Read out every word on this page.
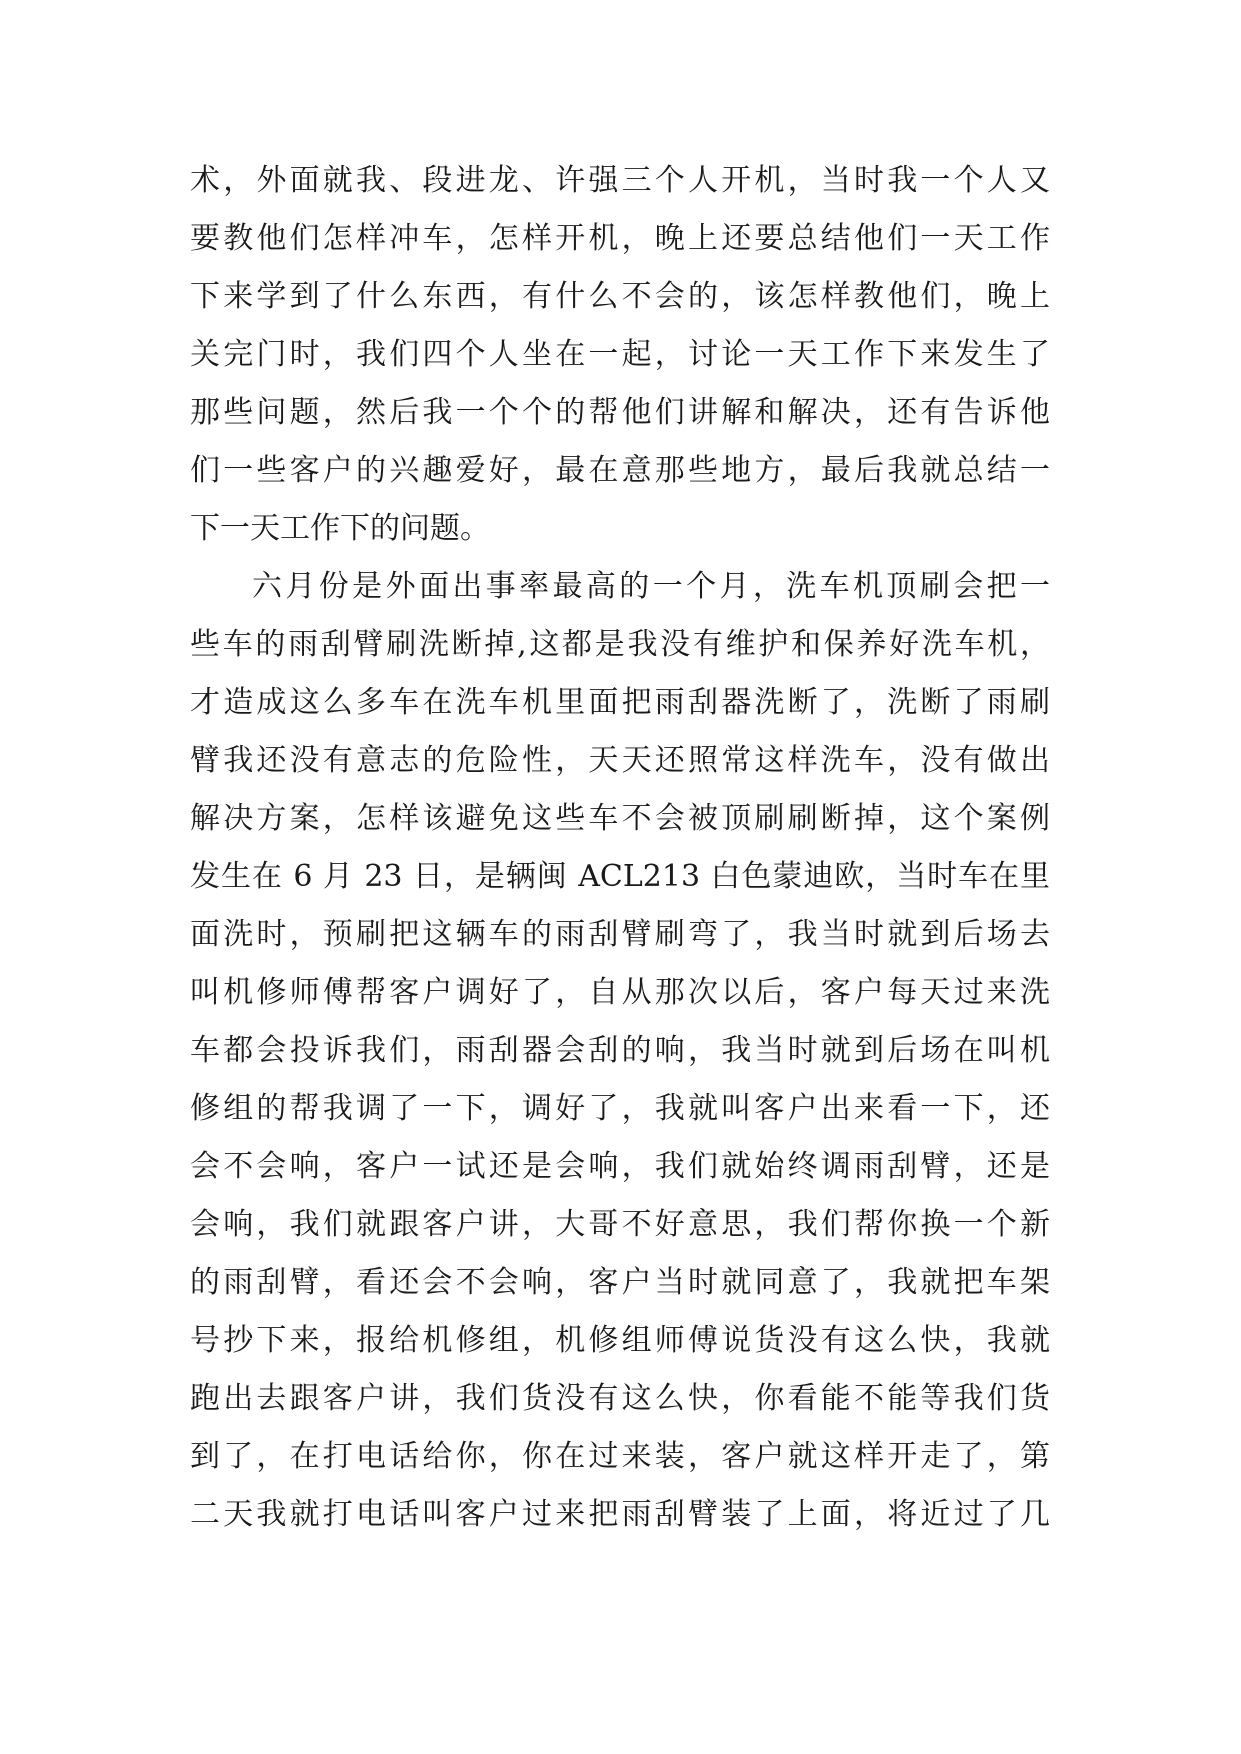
术，外面就我、段进龙、许强三个人开机，当时我一个人又
要教他们怎样冲车，怎样开机，晚上还要总结他们一天工作
下来学到了什么东西，有什么不会的，该怎样教他们，晚上
关完门时，我们四个人坐在一起，讨论一天工作下来发生了
那些问题，然后我一个个的帮他们讲解和解决，还有告诉他
们一些客户的兴趣爱好，最在意那些地方，最后我就总结一
下一天工作下的问题。
六月份是外面出事率最高的一个月，洗车机顶刷会把一
些车的雨刮臂刷洗断掉,这都是我没有维护和保养好洗车机，
才造成这么多车在洗车机里面把雨刮器洗断了，洗断了雨刷
臂我还没有意志的危险性，天天还照常这样洗车，没有做出
解决方案，怎样该避免这些车不会被顶刷刷断掉，这个案例
发生在 6 月 23 日，是辆闽 ACL213 白色蒙迪欧，当时车在里
面洗时，预刷把这辆车的雨刮臂刷弯了，我当时就到后场去
叫机修师傅帮客户调好了，自从那次以后，客户每天过来洗
车都会投诉我们，雨刮器会刮的响，我当时就到后场在叫机
修组的帮我调了一下，调好了，我就叫客户出来看一下，还
会不会响，客户一试还是会响，我们就始终调雨刮臂，还是
会响，我们就跟客户讲，大哥不好意思，我们帮你换一个新
的雨刮臂，看还会不会响，客户当时就同意了，我就把车架
号抄下来，报给机修组，机修组师傅说货没有这么快，我就
跑出去跟客户讲，我们货没有这么快，你看能不能等我们货
到了，在打电话给你，你在过来装，客户就这样开走了，第
二天我就打电话叫客户过来把雨刮臂装了上面，将近过了几
